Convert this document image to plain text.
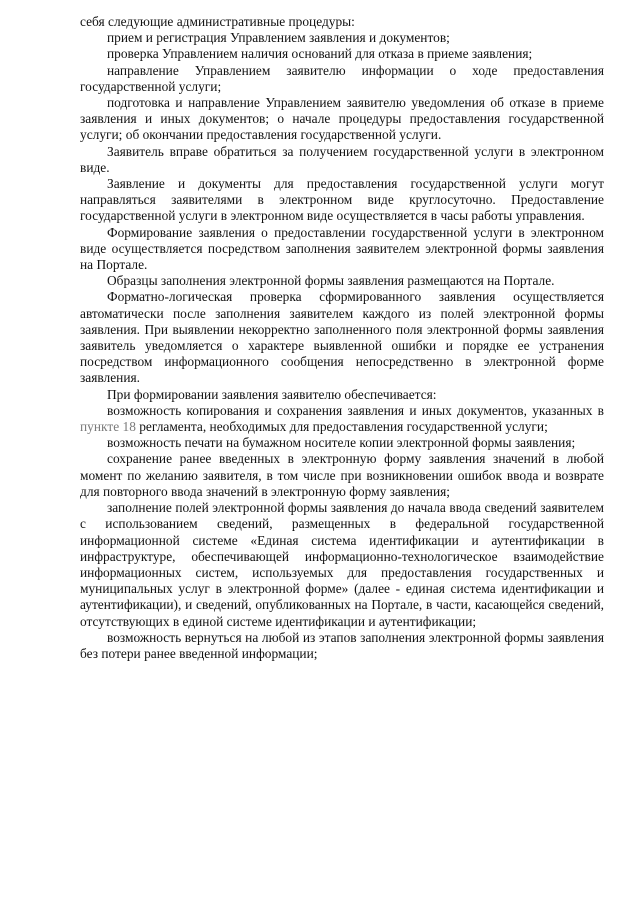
себя следующие административные процедуры:

прием и регистрация Управлением заявления и документов;

проверка Управлением наличия оснований для отказа в приеме заявления;

направление Управлением заявителю информации о ходе предоставления государственной услуги;

подготовка и направление Управлением заявителю уведомления об отказе в приеме заявления и иных документов; о начале процедуры предоставления государственной услуги; об окончании предоставления государственной услуги.

Заявитель вправе обратиться за получением государственной услуги в электронном виде.

Заявление и документы для предоставления государственной услуги могут направляться заявителями в электронном виде круглосуточно. Предоставление государственной услуги в электронном виде осуществляется в часы работы управления.

Формирование заявления о предоставлении государственной услуги в электронном виде осуществляется посредством заполнения заявителем электронной формы заявления на Портале.

Образцы заполнения электронной формы заявления размещаются на Портале.

Форматно-логическая проверка сформированного заявления осуществляется автоматически после заполнения заявителем каждого из полей электронной формы заявления. При выявлении некорректно заполненного поля электронной формы заявления заявитель уведомляется о характере выявленной ошибки и порядке ее устранения посредством информационного сообщения непосредственно в электронной форме заявления.

При формировании заявления заявителю обеспечивается:

возможность копирования и сохранения заявления и иных документов, указанных в пункте 18 регламента, необходимых для предоставления государственной услуги;

возможность печати на бумажном носителе копии электронной формы заявления;

сохранение ранее введенных в электронную форму заявления значений в любой момент по желанию заявителя, в том числе при возникновении ошибок ввода и возврате для повторного ввода значений в электронную форму заявления;

заполнение полей электронной формы заявления до начала ввода сведений заявителем с использованием сведений, размещенных в федеральной государственной информационной системе «Единая система идентификации и аутентификации в инфраструктуре, обеспечивающей информационно-технологическое взаимодействие информационных систем, используемых для предоставления государственных и муниципальных услуг в электронной форме» (далее - единая система идентификации и аутентификации), и сведений, опубликованных на Портале, в части, касающейся сведений, отсутствующих в единой системе идентификации и аутентификации;

возможность вернуться на любой из этапов заполнения электронной формы заявления без потери ранее введенной информации;
